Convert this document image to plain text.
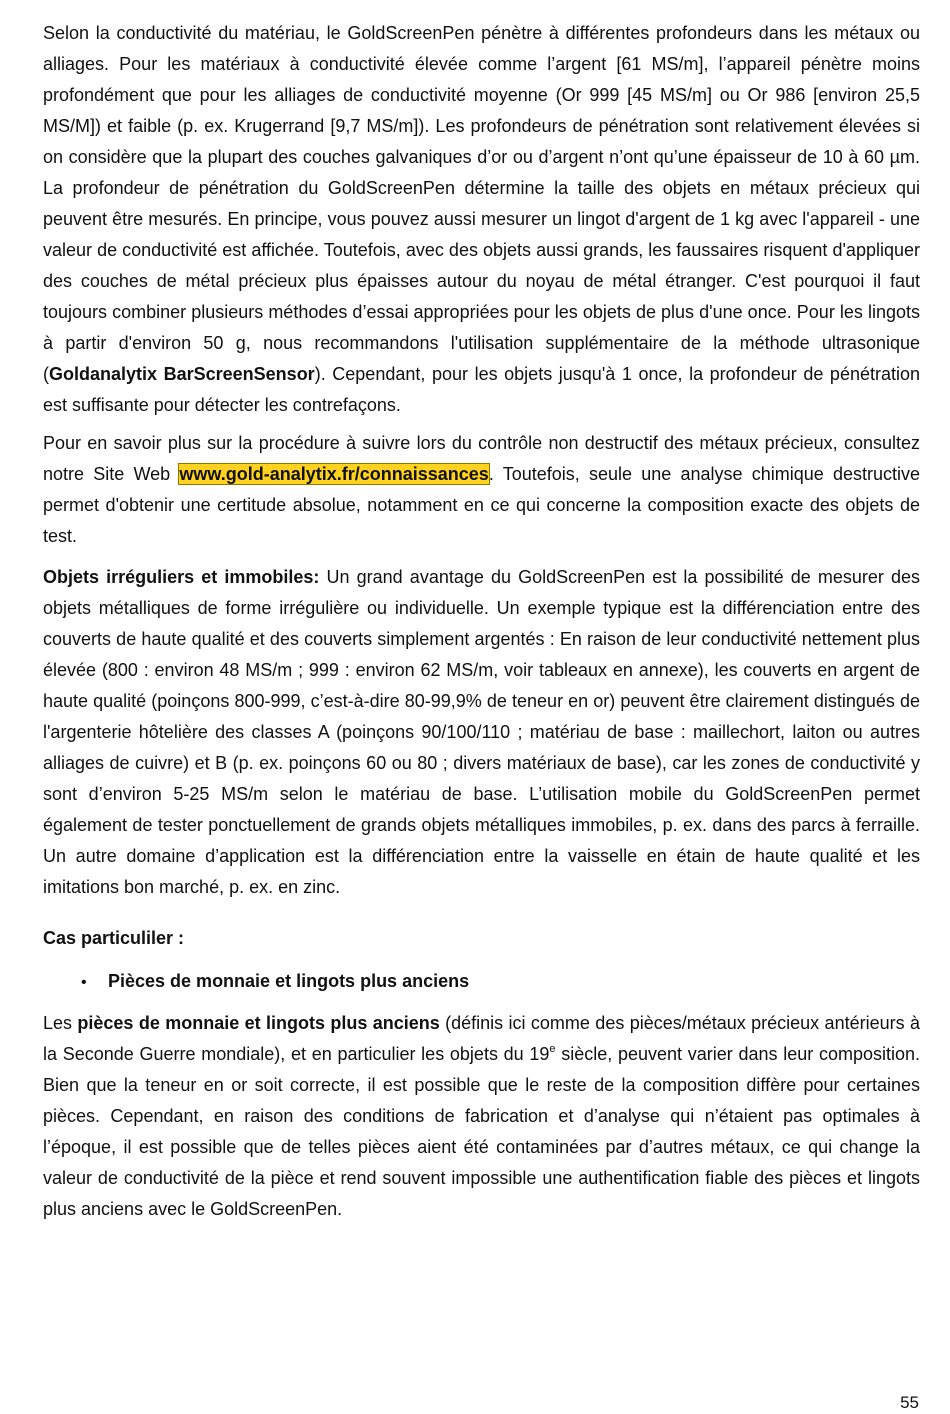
Selon la conductivité du matériau, le GoldScreenPen pénètre à différentes profondeurs dans les métaux ou alliages. Pour les matériaux à conductivité élevée comme l’argent [61 MS/m], l’appareil pénètre moins profondément que pour les alliages de conductivité moyenne (Or 999 [45 MS/m] ou Or 986 [environ 25,5 MS/M]) et faible (p. ex. Krugerrand [9,7 MS/m]). Les profondeurs de pénétration sont relativement élevées si on considère que la plupart des couches galvaniques d’or ou d’argent n’ont qu’une épaisseur de 10 à 60 µm. La profondeur de pénétration du GoldScreenPen détermine la taille des objets en métaux précieux qui peuvent être mesurés. En principe, vous pouvez aussi mesurer un lingot d'argent de 1 kg avec l'appareil - une valeur de conductivité est affichée. Toutefois, avec des objets aussi grands, les faussaires risquent d'appliquer des couches de métal précieux plus épaisses autour du noyau de métal étranger. C'est pourquoi il faut toujours combiner plusieurs méthodes d’essai appropriées pour les objets de plus d'une once. Pour les lingots à partir d'environ 50 g, nous recommandons l'utilisation supplémentaire de la méthode ultrasonique (Goldanalytix BarScreenSensor). Cependant, pour les objets jusqu'à 1 once, la profondeur de pénétration est suffisante pour détecter les contrefaçons.

Pour en savoir plus sur la procédure à suivre lors du contrôle non destructif des métaux précieux, consultez notre Site Web www.gold-analytix.fr/connaissances. Toutefois, seule une analyse chimique destructive permet d'obtenir une certitude absolue, notamment en ce qui concerne la composition exacte des objets de test.

Objets irréguliers et immobiles: Un grand avantage du GoldScreenPen est la possibilité de mesurer des objets métalliques de forme irrégulière ou individuelle. Un exemple typique est la différenciation entre des couverts de haute qualité et des couverts simplement argentés : En raison de leur conductivité nettement plus élevée (800 : environ 48 MS/m ; 999 : environ 62 MS/m, voir tableaux en annexe), les couverts en argent de haute qualité (poinçons 800-999, c’est-à-dire 80-99,9% de teneur en or) peuvent être clairement distingués de l'argenterie hôtelière des classes A (poinçons 90/100/110 ; matériau de base : maillechort, laiton ou autres alliages de cuivre) et B (p. ex. poinçons 60 ou 80 ; divers matériaux de base), car les zones de conductivité y sont d’environ 5-25 MS/m selon le matériau de base. L’utilisation mobile du GoldScreenPen permet également de tester ponctuellement de grands objets métalliques immobiles, p. ex. dans des parcs à ferraille. Un autre domaine d’application est la différenciation entre la vaisselle en étain de haute qualité et les imitations bon marché, p. ex. en zinc.

Cas particuliler :

•	Pièces de monnaie et lingots plus anciens

Les pièces de monnaie et lingots plus anciens (définis ici comme des pièces/métaux précieux antérieurs à la Seconde Guerre mondiale), et en particulier les objets du 19e siècle, peuvent varier dans leur composition. Bien que la teneur en or soit correcte, il est possible que le reste de la composition diffère pour certaines pièces. Cependant, en raison des conditions de fabrication et d’analyse qui n’étaient pas optimales à l’époque, il est possible que de telles pièces aient été contaminées par d’autres métaux, ce qui change la valeur de conductivité de la pièce et rend souvent impossible une authentification fiable des pièces et lingots plus anciens avec le GoldScreenPen.

55
